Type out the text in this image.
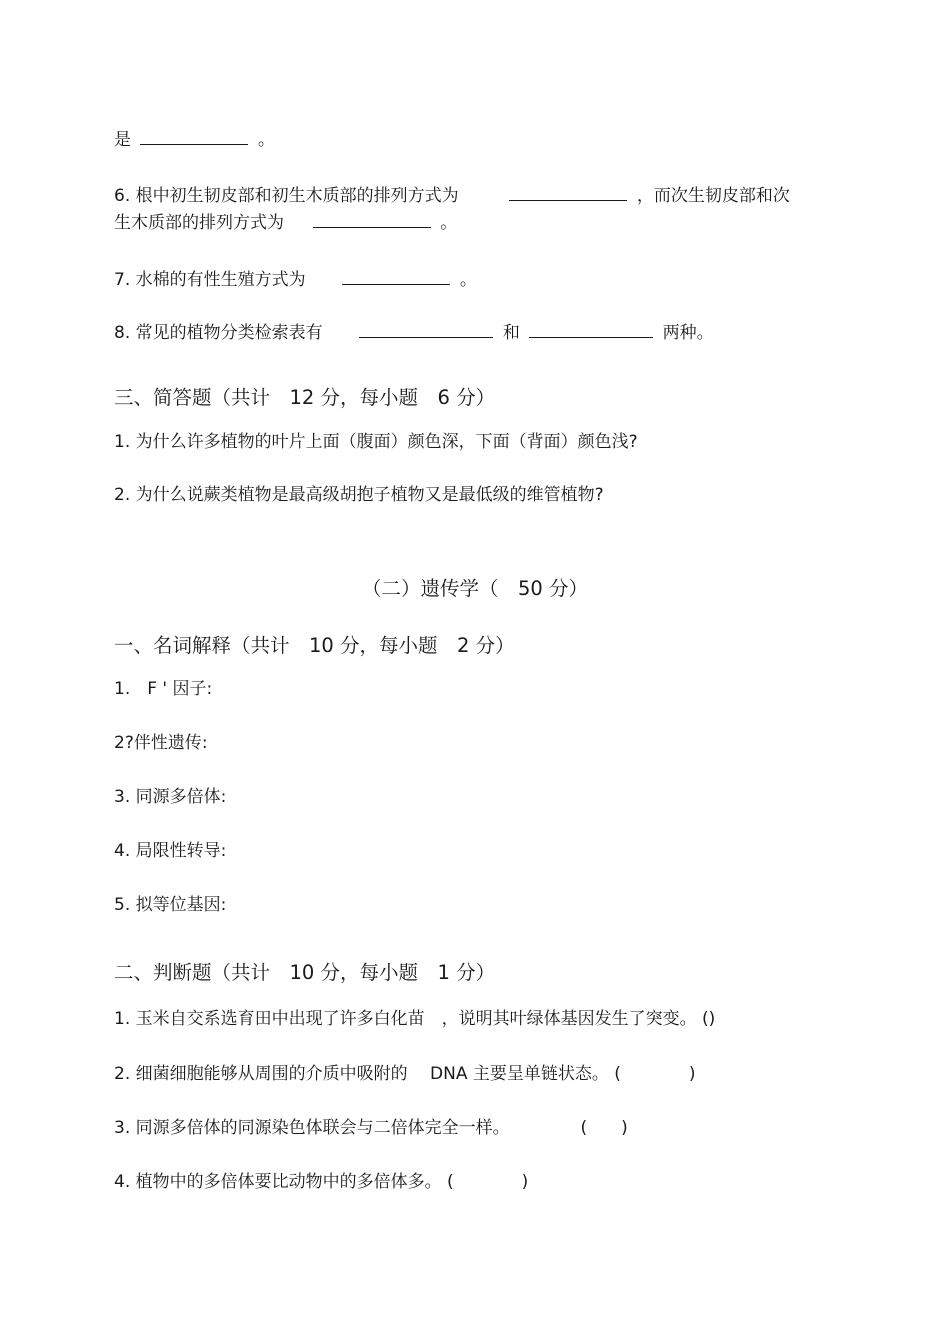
是	。
6. 根中初生韧皮部和初生木质部的排列方式为	，而次生韧皮部和次
生木质部的排列方式为	。
7. 水棉的有性生殖方式为	。
8. 常见的植物分类检索表有	和	两种。
三、简答题（共计　12 分，每小题　6 分）
1. 为什么许多植物的叶片上面（腹面）颜色深，下面（背面）颜色浅?
2. 为什么说蕨类植物是最高级胡抱子植物又是最低级的维管植物?
（二）遗传学（　50 分）
一、名词解释（共计　10 分，每小题　2 分）
1.　F ' 因子:
2?伴性遗传:
3. 同源多倍体:
4. 局限性转导:
5. 拟等位基因:
二、判断题（共计　10 分，每小题　1 分）
1. 玉米自交系选育田中出现了许多白化苗　，说明其叶绿体基因发生了突变。 ()
2. 细菌细胞能够从周围的介质中吸附的　 DNA 主要呈单链状态。 (　　　　)
3. 同源多倍体的同源染色体联会与二倍体完全一样。	(　　)
4. 植物中的多倍体要比动物中的多倍体多。 (　　　　)
